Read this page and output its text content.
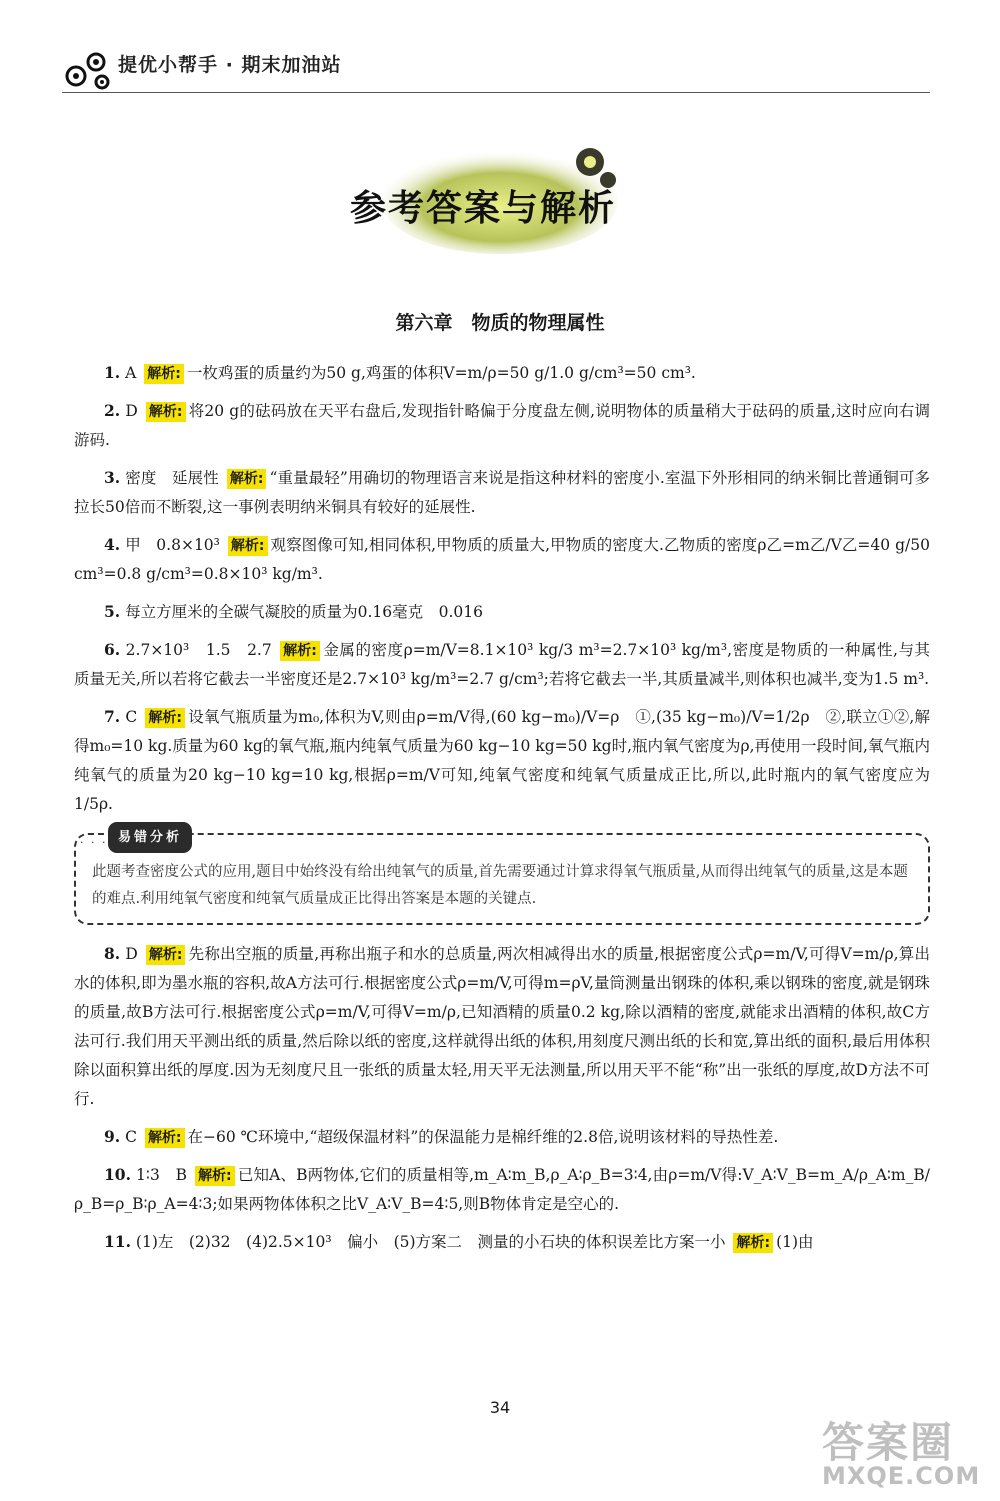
提优小帮手 · 期末加油站
参考答案与解析
第六章　物质的物理属性
1. A 解析: 一枚鸡蛋的质量约为50 g,鸡蛋的体积V=m/ρ=50 g/1.0 g/cm³=50 cm³.
2. D 解析: 将20 g的砝码放在天平右盘后,发现指针略偏于分度盘左侧,说明物体的质量稍大于砝码的质量,这时应向右调游码.
3. 密度　延展性 解析: “重量最轻”用确切的物理语言来说是指这种材料的密度小.室温下外形相同的纳米铜比普通铜可多拉长50倍而不断裂,这一事例表明纳米铜具有较好的延展性.
4. 甲　0.8×10³ 解析: 观察图像可知,相同体积,甲物质的质量大,甲物质的密度大.乙物质的密度ρ乙=m乙/V乙=40 g/50 cm³=0.8 g/cm³=0.8×10³ kg/m³.
5. 每立方厘米的全碳气凝胶的质量为0.16毫克　0.016
6. 2.7×10³　1.5　2.7 解析: 金属的密度ρ=m/V=8.1×10³ kg/3 m³=2.7×10³ kg/m³,密度是物质的一种属性,与其质量无关,所以若将它截去一半密度还是2.7×10³ kg/m³=2.7 g/cm³;若将它截去一半,其质量减半,则体积也减半,变为1.5 m³.
7. C 解析: 设氧气瓶质量为m₀,体积为V,则由ρ=m/V得,(60 kg−m₀)/V=ρ　①,(35 kg−m₀)/V=1/2ρ　②,联立①②,解得m₀=10 kg.质量为60 kg的氧气瓶,瓶内纯氧气质量为60 kg−10 kg=50 kg时,瓶内氧气密度为ρ,再使用一段时间,氧气瓶内纯氧气的质量为20 kg−10 kg=10 kg,根据ρ=m/V可知,纯氧气密度和纯氧气质量成正比,所以,此时瓶内的氧气密度应为1/5ρ.
· · · 易错分析
此题考查密度公式的应用,题目中始终没有给出纯氧气的质量,首先需要通过计算求得氧气瓶质量,从而得出纯氧气的质量,这是本题的难点.利用纯氧气密度和纯氧气质量成正比得出答案是本题的关键点.
8. D 解析: 先称出空瓶的质量,再称出瓶子和水的总质量,两次相减得出水的质量,根据密度公式ρ=m/V,可得V=m/ρ,算出水的体积,即为墨水瓶的容积,故A方法可行.根据密度公式ρ=m/V,可得m=ρV,量筒测量出钢珠的体积,乘以钢珠的密度,就是钢珠的质量,故B方法可行.根据密度公式ρ=m/V,可得V=m/ρ,已知酒精的质量0.2 kg,除以酒精的密度,就能求出酒精的体积,故C方法可行.我们用天平测出纸的质量,然后除以纸的密度,这样就得出纸的体积,用刻度尺测出纸的长和宽,算出纸的面积,最后用体积除以面积算出纸的厚度.因为无刻度尺且一张纸的质量太轻,用天平无法测量,所以用天平不能“称”出一张纸的厚度,故D方法不可行.
9. C 解析: 在−60 ℃环境中,“超级保温材料”的保温能力是棉纤维的2.8倍,说明该材料的导热性差.
10. 1∶3　B 解析: 已知A、B两物体,它们的质量相等,m_A∶m_B,ρ_A∶ρ_B=3∶4,由ρ=m/V得:V_A∶V_B=m_A/ρ_A∶m_B/ρ_B=ρ_B∶ρ_A=4∶3;如果两物体体积之比V_A∶V_B=4∶5,则B物体肯定是空心的.
11. (1)左　(2)32　(4)2.5×10³　偏小　(5)方案二　测量的小石块的体积误差比方案一小 解析: (1)由
34
答案圈
MXQE.COM
